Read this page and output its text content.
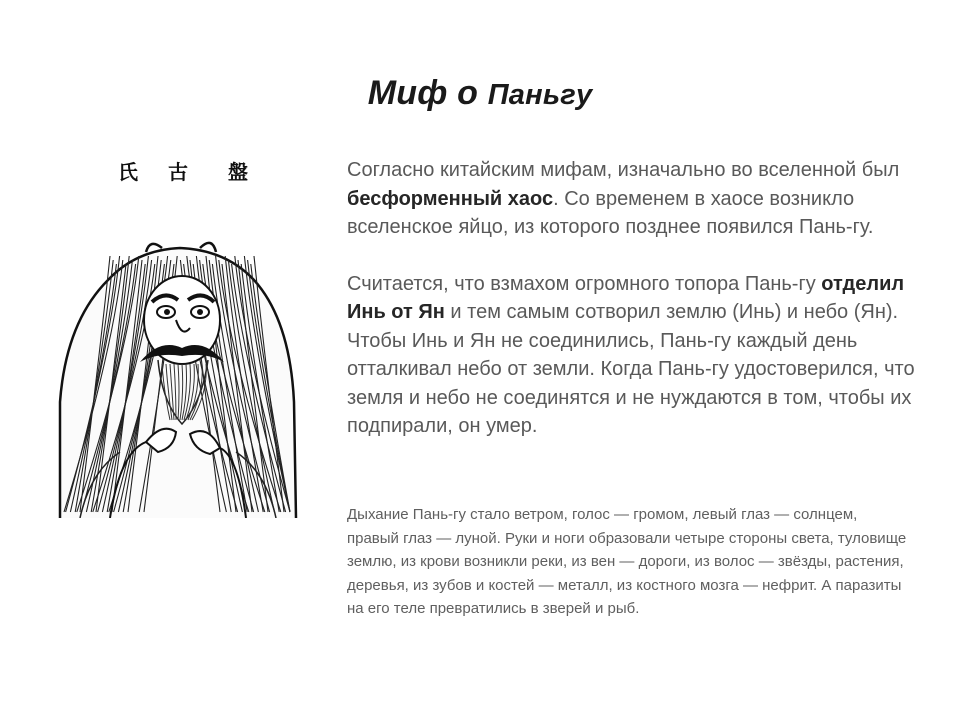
Миф о Паньгу
氏 古 盤	Согласно китайским мифам, изначально во вселенной был бесформенный хаос. Со временем в хаосе возникло вселенское яйцо, из которого позднее появился Пань-гу.

Считается, что взмахом огромного топора Пань-гу отделил Инь от Ян и тем самым сотворил землю (Инь) и небо (Ян). Чтобы Инь и Ян не соединились, Пань-гу каждый день отталкивал небо от земли. Когда Пань-гу удостоверился, что земля и небо не соединятся и не нуждаются в том, чтобы их подпирали, он умер.

Дыхание Пань-гу стало ветром, голос — громом, левый глаз — солнцем, правый глаз — луной. Руки и ноги образовали четыре стороны света, туловище землю, из крови возникли реки, из вен — дороги, из волос — звёзды, растения, деревья, из зубов и костей — металл, из костного мозга — нефрит. А паразиты на его теле превратились в зверей и рыб.
